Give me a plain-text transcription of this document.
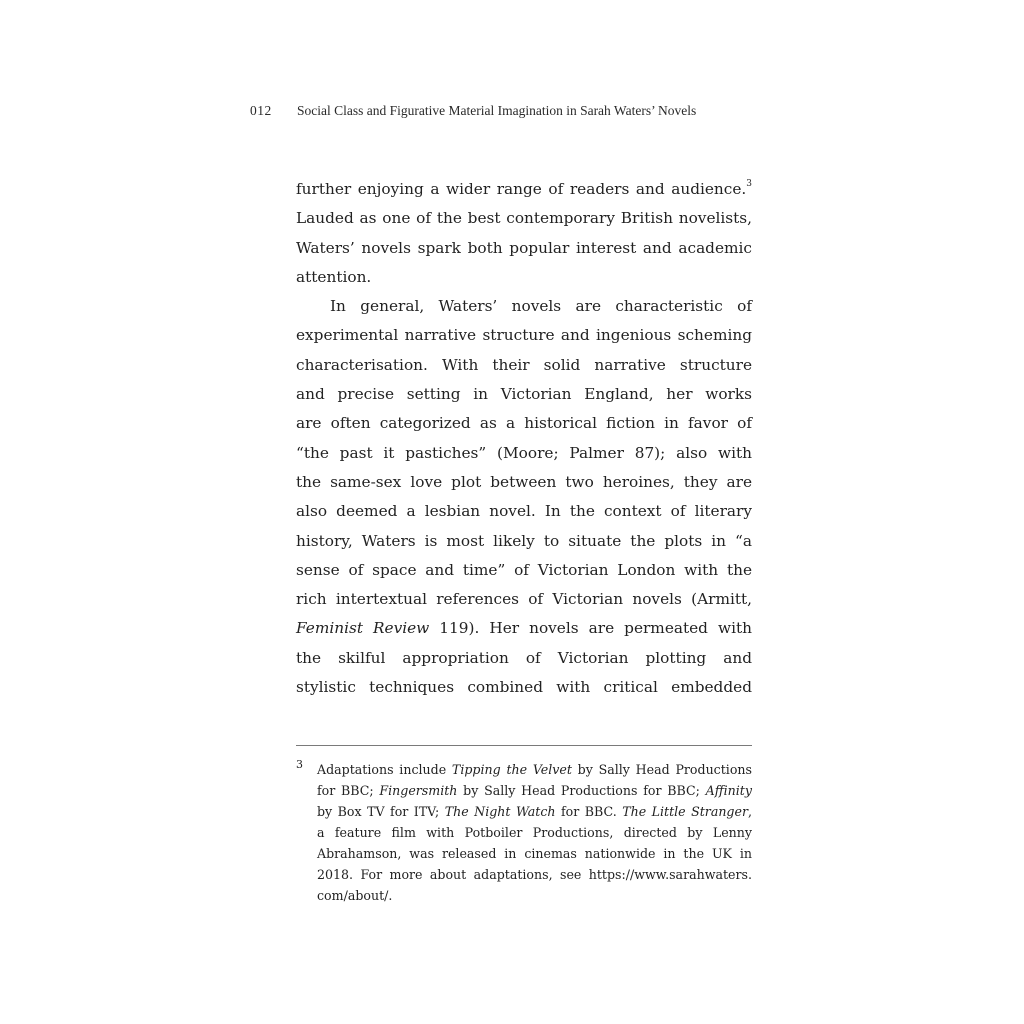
012 Social Class and Figurative Material Imagination in Sarah Waters’ Novels
further enjoying a wider range of readers and audience.$^3$
Lauded as one of the best contemporary British novelists,
Waters’ novels spark both popular interest and academic
attention.
In general, Waters’ novels are characteristic of
experimental narrative structure and ingenious scheming
characterisation. With their solid narrative structure
and precise setting in Victorian England, her works
are often categorized as a historical fiction in favor of
“the past it pastiches” (Moore; Palmer 87); also with
the same-sex love plot between two heroines, they are
also deemed a lesbian novel. In the context of literary
history, Waters is most likely to situate the plots in “a
sense of space and time” of Victorian London with the
rich intertextual references of Victorian novels (Armitt,
Feminist Review 119). Her novels are permeated with
the skilful appropriation of Victorian plotting and
stylistic techniques combined with critical embedded
3 Adaptations include Tipping the Velvet by Sally Head Productions
for BBC; Fingersmith by Sally Head Productions for BBC; Affinity
by Box TV for ITV; The Night Watch for BBC. The Little Stranger,
a feature film with Potboiler Productions, directed by Lenny
Abrahamson, was released in cinemas nationwide in the UK in
2018. For more about adaptations, see https://www.sarahwaters.
com/about/.
